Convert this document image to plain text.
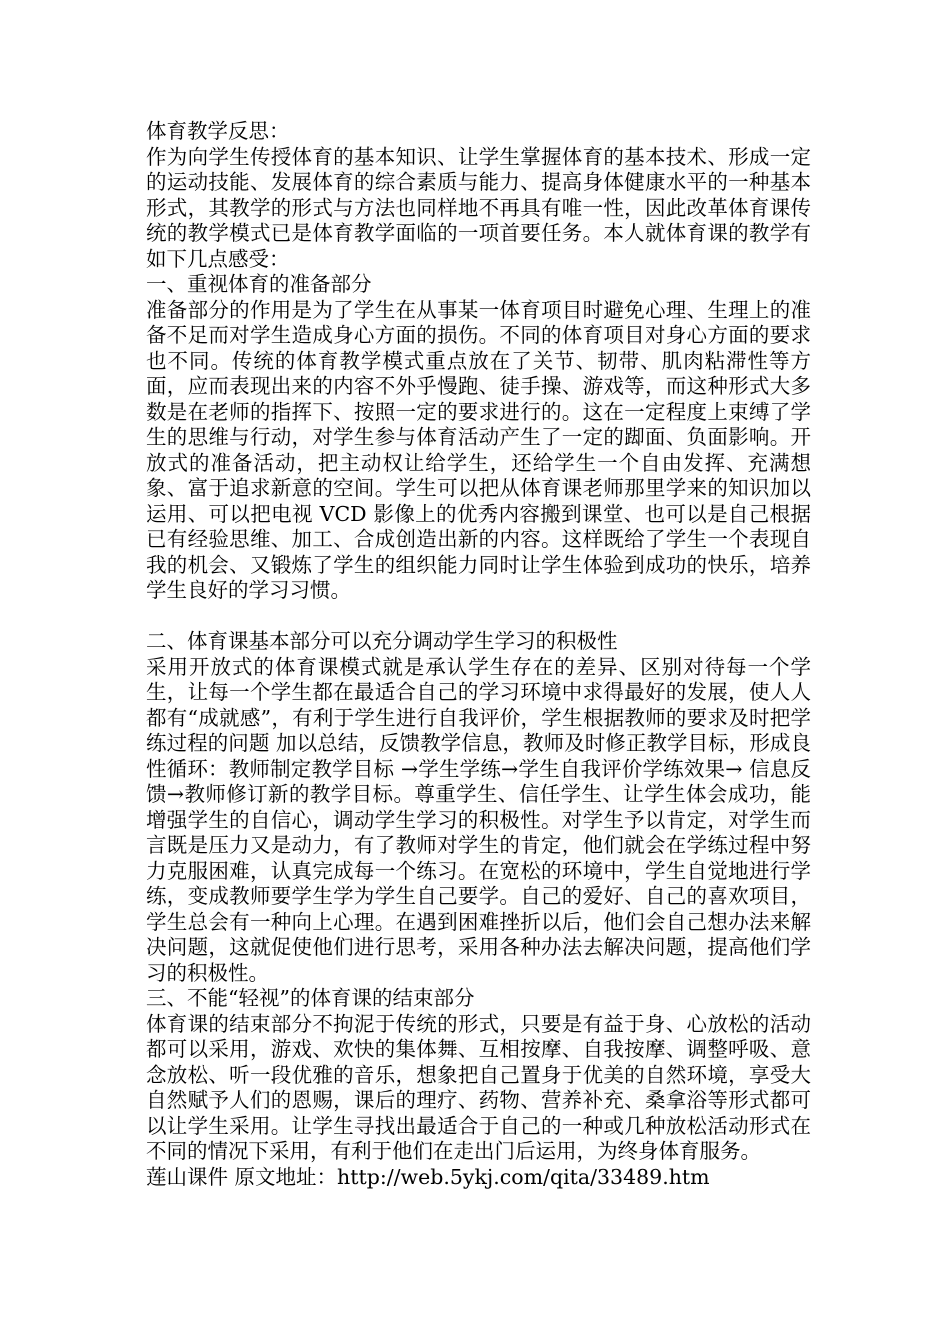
体育教学反思：
作为向学生传授体育的基本知识、让学生掌握体育的基本技术、形成一定的运动技能、发展体育的综合素质与能力、提高身体健康水平的一种基本形式，其教学的形式与方法也同样地不再具有唯一性，因此改革体育课传统的教学模式已是体育教学面临的一项首要任务。本人就体育课的教学有如下几点感受：
一、重视体育的准备部分
准备部分的作用是为了学生在从事某一体育项目时避免心理、生理上的准备不足而对学生造成身心方面的损伤。不同的体育项目对身心方面的要求也不同。传统的体育教学模式重点放在了关节、韧带、肌肉粘滞性等方面，应而表现出来的内容不外乎慢跑、徒手操、游戏等，而这种形式大多数是在老师的指挥下、按照一定的要求进行的。这在一定程度上束缚了学生的思维与行动，对学生参与体育活动产生了一定的踋面、负面影响。开放式的准备活动，把主动权让给学生，还给学生一个自由发挥、充满想象、富于追求新意的空间。学生可以把从体育课老师那里学来的知识加以运用、可以把电视 VCD 影像上的优秀内容搬到课堂、也可以是自己根据已有经验思维、加工、合成创造出新的内容。这样既给了学生一个表现自我的机会、又锻炼了学生的组织能力同时让学生体验到成功的快乐，培养学生良好的学习习惯。
二、体育课基本部分可以充分调动学生学习的积极性
采用开放式的体育课模式就是承认学生存在的差异、区别对待每一个学生，让每一个学生都在最适合自己的学习环境中求得最好的发展，使人人都有“成就感”，有利于学生进行自我评价，学生根据教师的要求及时把学练过程的问题 加以总结，反馈教学信息，教师及时修正教学目标，形成良性循环：教师制定教学目标 →学生学练→学生自我评价学练效果→ 信息反馈→教师修订新的教学目标。尊重学生、信任学生、让学生体会成功，能增强学生的自信心，调动学生学习的积极性。对学生予以肯定，对学生而言既是压力又是动力，有了教师对学生的肯定，他们就会在学练过程中努力克服困难，认真完成每一个练习。在宽松的环境中，学生自觉地进行学练，变成教师要学生学为学生自己要学。自己的爱好、自己的喜欢项目，学生总会有一种向上心理。在遇到困难挫折以后，他们会自己想办法来解决问题，这就促使他们进行思考，采用各种办法去解决问题，提高他们学习的积极性。
三、不能“轻视”的体育课的结束部分
体育课的结束部分不拘泥于传统的形式，只要是有益于身、心放松的活动都可以采用，游戏、欢快的集体舞、互相按摩、自我按摩、调整呼吸、意念放松、听一段优雅的音乐，想象把自己置身于优美的自然环境，享受大自然赋予人们的恩赐，课后的理疗、药物、营养补充、桑拿浴等形式都可以让学生采用。让学生寻找出最适合于自己的一种或几种放松活动形式在不同的情况下采用，有利于他们在走出门后运用，为终身体育服务。
莲山课件 原文地址：http://web.5ykj.com/qita/33489.htm
